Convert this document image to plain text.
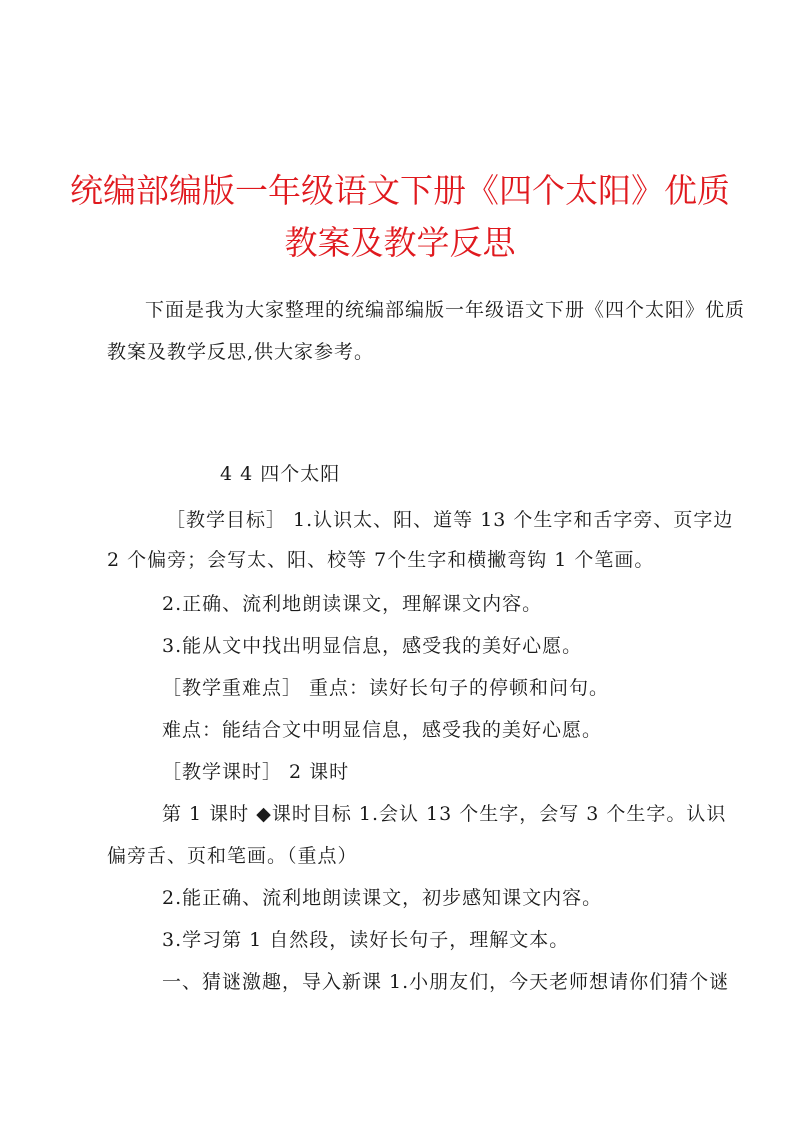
统编部编版一年级语文下册《四个太阳》优质
教案及教学反思
下面是我为大家整理的统编部编版一年级语文下册《四个太阳》优质
教案及教学反思,供大家参考。
4 4 四个太阳
［教学目标］ 1.认识太、阳、道等 13 个生字和舌字旁、页字边
2 个偏旁；会写太、阳、校等 7个生字和横撇弯钩 1 个笔画。
2.正确、流利地朗读课文，理解课文内容。
3.能从文中找出明显信息，感受我的美好心愿。
［教学重难点］ 重点：读好长句子的停顿和问句。
难点：能结合文中明显信息，感受我的美好心愿。
［教学课时］ 2 课时
第 1 课时 ◆课时目标 1.会认 13 个生字，会写 3 个生字。认识
偏旁舌、页和笔画。（重点）
2.能正确、流利地朗读课文，初步感知课文内容。
3.学习第 1 自然段，读好长句子，理解文本。
一、猜谜激趣，导入新课 1.小朋友们，今天老师想请你们猜个谜
